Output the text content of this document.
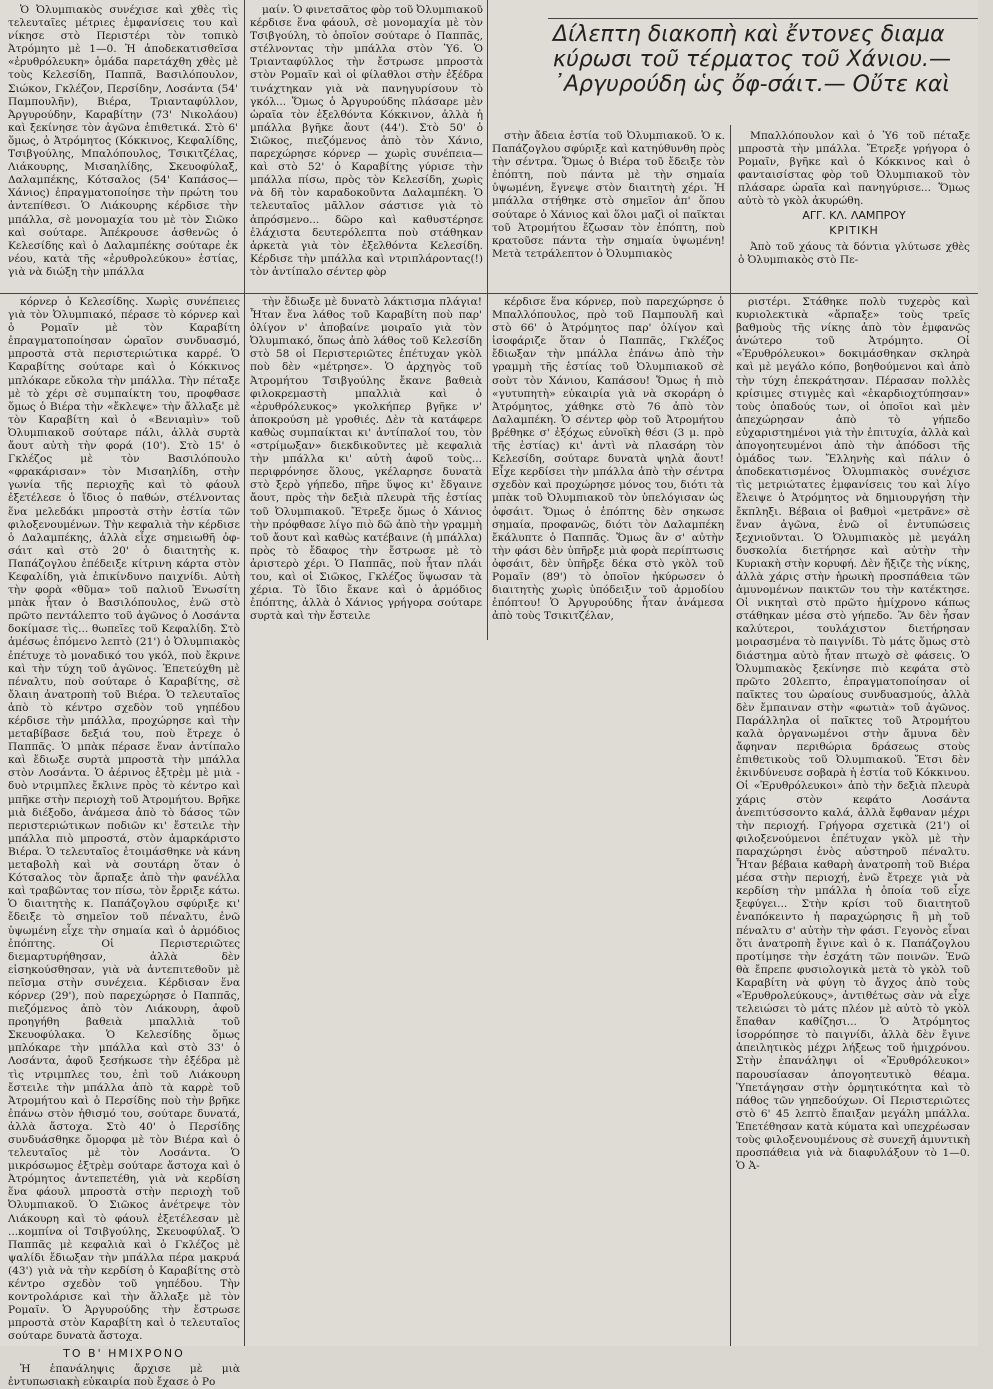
Δίλεπτη διακοπὴ καὶ ἔντονες διαμα
κύρωσι τοῦ τέρματος τοῦ Χάνιου.—
᾿Αργυρούδη ὡς ὄφ-σάιτ.— Οὔτε καὶ

Ὁ Ὀλυμπιακὸς συνέχισε καὶ χθὲς τὶς τελευταῖες μέτριες ἐμφανίσεις του καὶ νίκησε στὸ Περιστέρι τὸν τοπικὸ Ἀτρόμητο μὲ 1—0. Ἡ ἀποδεκατισθεῖσα «ἐρυθρόλευκη» ὁμάδα παρετάχθη χθὲς μὲ τοὺς Κελεσίδη, Παππᾶ, Βασιλόπουλον, Σιώκον, Γκλέζον, Περσίδην, Λοσάντα (54' Παμπουλῆν), Βιέρα, Τριανταφύλλον, Ἀργυρούδην, Καραβίτην (73' Νικολάου) καὶ ξεκίνησε τὸν ἀγῶνα ἐπιθετικά. Στὸ 6' ὅμως, ὁ Ἀτρόμητος (Κόκκινος, Κεφαλίδης, Τσιβγούλης, Μπαλόπουλος, Τσικιτζέλας, Λιάκουρης, Μισαηλίδης, Σκευοφύλαξ, Δαλαμπέκης, Κότσαλος (54' Καπάσος—Χάνιος) ἐπραγματοποίησε τὴν πρώτη του ἀντεπίθεσι. Ὁ Λιάκουρης κέρδισε τὴν μπάλλα, σὲ μονομαχία του μὲ τὸν Σιῶκο καὶ σούταρε. Ἀπέκρουσε ἀσθενῶς ὁ Κελεσίδης καὶ ὁ Δαλαμπέκης σούταρε ἐκ νέου, κατὰ τῆς «ἐρυθρολεύκου» ἑστίας, γιὰ νὰ διώξη τὴν μπάλλα

μαίν. Ὁ φινετσᾶτος φὸρ τοῦ Ὀλυμπιακοῦ κέρδισε ἕνα φάουλ, σὲ μονομαχία μὲ τὸν Τσιβγούλη, τὸ ὁποῖον σούταρε ὁ Παππᾶς, στέλνοντας τὴν μπάλλα στὸν Ὑ6. Ὁ Τριανταφύλλος τὴν ἔστρωσε μπροστὰ στὸν Ρομαῖν καὶ οἱ φίλαθλοι στὴν ἐξέδρα τινάχτηκαν γιὰ νὰ πανηγυρίσουν τὸ γκόλ... Ὅμως ὁ Ἀργυρούδης πλάσαρε μὲν ὡραῖα τὸν ἐξελθόντα Κόκκινον, ἀλλὰ ἡ μπάλλα βγῆκε ἄουτ (44'). Στὸ 50' ὁ Σιῶκος, πιεζόμενος ἀπὸ τὸν Χάνιο, παρεχώρησε κόρνερ — χωρὶς συνέπεια— καὶ στὸ 52' ὁ Καραβίτης γύρισε τὴν μπάλλα πίσω, πρὸς τὸν Κελεσίδη, χωρὶς νὰ δῆ τὸν καραδοκοῦντα Δαλαμπέκη. Ὁ τελευταῖος μᾶλλον σάστισε γιὰ τὸ ἀπρόσμενο... δῶρο καὶ καθυστέρησε ἐλάχιστα δευτερόλεπτα ποὺ στάθηκαν ἀρκετὰ γιὰ τὸν ἐξελθόντα Κελεσίδη. Κέρδισε τὴν μπάλλα καὶ ντριπλάροντας(!) τὸν ἀντίπαλο σέντερ φὸρ

στὴν ἄδεια ἑστία τοῦ Ὀλυμπιακοῦ. Ὁ κ. Παπάζογλου σφύριξε καὶ κατηύθυνθη πρὸς τὴν σέντρα. Ὅμως ὁ Βιέρα τοῦ ἔδειξε τὸν ἐπόπτη, ποὺ πάντα μὲ τὴν σημαία ὑψωμένη, ἔγνεψε στὸν διαιτητὴ χέρι. Ἡ μπάλλα στήθηκε στὸ σημεῖον ἀπ' ὅπου σούταρε ὁ Χάνιος καὶ ὅλοι μαζὶ οἱ παῖκται τοῦ Ἀτρομήτου ἔζωσαν τὸν ἐπόπτη, ποὺ κρατοῦσε πάντα τὴν σημαία ὑψωμένη! Μετὰ τετράλεπτον ὁ Ὀλυμπιακὸς

Μπαλλόπουλον καὶ ὁ Ὑ6 τοῦ πέταξε μπροστὰ τὴν μπάλλα. Ἔτρεξε γρήγορα ὁ Ρομαῖν, βγῆκε καὶ ὁ Κόκκινος καὶ ὁ φανταισίστας φὸρ τοῦ Ὀλυμπιακοῦ τὸν πλάσαρε ὡραῖα καὶ πανηγύρισε... Ὅμως αὐτὸ τὸ γκὸλ ἀκυρώθη.

ΑΓΓ. ΚΛ. ΛΑΜΠΡΟΥ
ΚΡΙΤΙΚΗ

Ἀπὸ τοῦ χάους τὰ δόντια γλύτωσε χθὲς ὁ Ὀλυμπιακὸς στὸ Πε-

κόρνερ ὁ Κελεσίδης. Χωρὶς συνέπειες γιὰ τὸν Ὀλυμπιακό, πέρασε τὸ κόρνερ καὶ ὁ Ρομαῖν μὲ τὸν Καραβίτη ἐπραγματοποίησαν ὡραῖον συνδυασμό, μπροστὰ στὰ περιστεριώτικα καρρέ. Ὁ Καραβίτης σούταρε καὶ ὁ Κόκκινος μπλόκαρε εὔκολα τὴν μπάλλα. Τὴν πέταξε μὲ τὸ χέρι σὲ συμπαίκτη του, προφθασε ὅμως ὁ Βιέρα τὴν «ἔκλεψε» τὴν ἄλλαξε μὲ τὸν Καραβίτη καὶ ὁ «Βενιαμὶν» τοῦ Ὀλυμπιακοῦ σούταρε πάλι, ἀλλὰ συρτὰ ἄουτ αὐτὴ τὴν φορά (10'). Στὸ 15' ὁ Γκλέζος μὲ τὸν Βασιλόπουλο «φρακάρισαν» τὸν Μισαηλίδη, στὴν γωνία τῆς περιοχῆς καὶ τὸ φάουλ ἐξετέλεσε ὁ ἴδιος ὁ παθών, στέλνοντας ἕνα μελεδάκι μπροστὰ στὴν ἑστία τῶν φιλοξενουμένων. Τὴν κεφαλιὰ τὴν κέρδισε ὁ Δαλαμπέκης, ἀλλὰ εἶχε σημειωθῆ ὀφ-σάιτ καὶ στὸ 20' ὁ διαιτητὴς κ. Παπάζογλου ἐπέδειξε κίτρινη κάρτα στὸν Κεφαλίδη, γιὰ ἐπικίνδυνο παιχνίδι. Αὐτὴ τὴν φορὰ «θῦμα» τοῦ παλιοῦ Ἑνωσίτη μπὰκ ἦταν ὁ Βασιλόπουλος, ἐνῶ στὸ πρῶτο πεντάλεπτο τοῦ ἀγῶνος ὁ Λοσάντα δοκίμασε τὶς... θωπεῖες τοῦ Κεφαλίδη. Στὸ ἀμέσως ἑπόμενο λεπτὸ (21') ὁ Ὀλυμπιακὸς ἐπέτυχε τὸ μοναδικό του γκόλ, ποὺ ἔκρινε καὶ τὴν τύχη τοῦ ἀγῶνος. Ἐπετεύχθη μὲ πέναλτυ, ποὺ σούταρε ὁ Καραβίτης, σὲ ὄλαιη ἀνατροπὴ τοῦ Βιέρα. Ὁ τελευταῖος ἀπὸ τὸ κέντρο σχεδὸν τοῦ γηπέδου κέρδισε τὴν μπάλλα, προχώρησε καὶ τὴν μεταβίβασε δεξιά του, ποὺ ἔτρεχε ὁ Παππᾶς. Ὁ μπὰκ πέρασε ἕναν ἀντίπαλο καὶ ἔδιωξε συρτὰ μπροστὰ τὴν μπάλλα στὸν Λοσάντα. Ὁ ἀέρινος ἐξτρὲμ μὲ μιὰ - δυὸ ντριμπλες ἔκλινε πρὸς τὸ κέντρο καὶ μπῆκε στὴν περιοχὴ τοῦ Ἀτρομήτου. Βρῆκε μιὰ διέξοδο, ἀνάμεσα ἀπὸ τὸ δάσος τῶν περιστεριώτικων ποδιῶν κι' ἔστειλε τὴν μπάλλα πιὸ μπροστά, στὸν ἀμαρκάριστο Βιέρα. Ὁ τελευταῖος ἑτοιμάσθηκε νὰ κάνη μεταβολὴ καὶ νὰ σουτάρη ὅταν ὁ Κότσαλος τὸν ἄρπαξε ἀπὸ τὴν φανέλλα καὶ τραβῶντας τον πίσω, τὸν ἔρριξε κάτω. Ὁ διαιτητὴς κ. Παπάζογλου σφύριξε κι' ἔδειξε τὸ σημεῖον τοῦ πέναλτυ, ἐνῶ ὑψωμένη εἶχε τὴν σημαία καὶ ὁ ἁρμόδιος ἐπόπτης. Οἱ Περιστεριῶτες διεμαρτυρήθησαν, ἀλλὰ δὲν εἰσηκούσθησαν, γιὰ νὰ ἀντεπιτεθοῦν μὲ πεῖσμα στὴν συνέχεια. Κέρδισαν ἕνα κόρνερ (29'), ποὺ παρεχώρησε ὁ Παππᾶς, πιεζόμενος ἀπὸ τὸν Λιάκουρη, ἀφοῦ προηγήθη βαθειὰ μπαλλιὰ τοῦ Σκευοφύλακα. Ὁ Κελεσίδης ὅμως μπλόκαρε τὴν μπάλλα καὶ στὸ 33' ὁ Λοσάντα, ἀφοῦ ξεσήκωσε τὴν ἐξέδρα μὲ τὶς ντριμπλες του, ἐπὶ τοῦ Λιάκουρη ἔστειλε τὴν μπάλλα ἀπὸ τὰ καρρὲ τοῦ Ἀτρομήτου καὶ ὁ Περσίδης ποὺ τὴν βρῆκε ἐπάνω στὸν ἠθισμό του, σούταρε δυνατά, ἀλλὰ ἄστοχα. Στὸ 40' ὁ Περσίδης συνδυάσθηκε ὄμορφα μὲ τὸν Βιέρα καὶ ὁ τελευταῖος μὲ τὸν Λοσάντα. Ὁ μικρόσωμος ἐξτρὲμ σούταρε ἄστοχα καὶ ὁ Ἀτρόμητος ἀντεπετέθη, γιὰ νὰ κερδίση ἕνα φάουλ μπροστὰ στὴν περιοχὴ τοῦ Ὀλυμπιακοῦ. Ὁ Σιῶκος ἀνέτρεψε τὸν Λιάκουρη καὶ τὸ φάουλ ἐξετέλεσαν μὲ ...κομπίνα οἱ Τσιβγούλης, Σκευοφύλαξ. Ὁ Παππᾶς μὲ κεφαλιὰ καὶ ὁ Γκλέζος μὲ ψαλίδι ἔδιωξαν τὴν μπάλλα πέρα μακρυά (43') γιὰ νὰ τὴν κερδίση ὁ Καραβίτης στὸ κέντρο σχεδὸν τοῦ γηπέδου. Τὴν κοντρολάρισε καὶ τὴν ἄλλαξε μὲ τὸν Ρομαῖν. Ὁ Ἀργυρούδης τὴν ἔστρωσε μπροστὰ στὸν Καραβίτη καὶ ὁ τελευταῖος σούταρε δυνατὰ ἄστοχα.

ΤΟ Β' ΗΜΙΧΡΟΝΟ

Ἡ ἐπανάληψις ἄρχισε μὲ μιὰ ἐντυπωσιακὴ εὐκαιρία ποὺ ἔχασε ὁ Ρο

τὴν ἔδιωξε μὲ δυνατὸ λάκτισμα πλάγια! Ἦταν ἕνα λάθος τοῦ Καραβίτη ποὺ παρ' ὀλίγον ν' ἀποβαίνε μοιραῖο γιὰ τὸν Ὀλυμπιακό, ὅπως ἀπὸ λάθος τοῦ Κελεσίδη στὸ 58 οἱ Περιστεριῶτες ἐπέτυχαν γκὸλ ποὺ δὲν «μέτρησε». Ὁ ἀρχηγὸς τοῦ Ἀτρομήτου Τσιβγούλης ἔκανε βαθειὰ φιλοκρεμαστὴ μπαλλιὰ καὶ ὁ «ἐρυθρόλευκος» γκολκήπερ βγῆκε ν' ἀποκρούση μὲ γροθιές. Δὲν τὰ κατάφερε καθὼς συμπαίκται κι' ἀντίπαλοί του, τὸν «στρίμωξαν» διεκδικοῦντες μὲ κεφαλιὰ τὴν μπάλλα κι' αὐτὴ ἀφοῦ τοὺς... περιφρόνησε ὅλους, γκέλαρησε δυνατὰ στὸ ξερὸ γήπεδο, πῆρε ὕψος κι' ἔδγαινε ἄουτ, πρὸς τὴν δεξιὰ πλευρὰ τῆς ἑστίας τοῦ Ὀλυμπιακοῦ. Ἔτρεξε ὅμως ὁ Χάνιος τὴν πρόφθασε λίγο πιὸ δῶ ἀπὸ τὴν γραμμὴ τοῦ ἄουτ καὶ καθὼς κατέβαινε (ἡ μπάλλα) πρὸς τὸ ἔδαφος τὴν ἔστρωσε μὲ τὸ ἀριστερὸ χέρι. Ὁ Παππᾶς, ποὺ ἦταν πλάι του, καὶ οἱ Σιῶκος, Γκλέζος ὕψωσαν τὰ χέρια. Τὸ ἴδιο ἔκανε καὶ ὁ ἁρμόδιος ἐπόπτης, ἀλλὰ ὁ Χάνιος γρήγορα σούταρε συρτὰ καὶ τὴν ἔστειλε

κέρδισε ἕνα κόρνερ, ποὺ παρεχώρησε ὁ Μπαλλόπουλος, πρὸ τοῦ Παμπουλῆ καὶ στὸ 66' ὁ Ἀτρόμητος παρ' ὀλίγον καὶ ἰσοφάριζε ὅταν ὁ Παππᾶς, Γκλέζος ἔδιωξαν τὴν μπάλλα ἐπάνω ἀπὸ τὴν γραμμὴ τῆς ἑστίας τοῦ Ὀλυμπιακοῦ σὲ σοὺτ τὸν Χάνιου, Καπάσου! Ὅμως ἡ πιὸ «γυτυπητὴ» εὐκαιρία γιὰ νὰ σκοράρη ὁ Ἀτρόμητος, χάθηκε στὸ 76 ἀπὸ τὸν Δαλαμπέκη. Ὁ σέντερ φὸρ τοῦ Ἀτρομήτου βρέθηκε σ' ἐξόχως εὐνοϊκὴ θέσι (3 μ. πρὸ τῆς ἑστίας) κι' ἀντὶ νὰ πλασάρη τὸν Κελεσίδη, σούταρε δυνατὰ ψηλὰ ἄουτ! Εἶχε κερδίσει τὴν μπάλλα ἀπὸ τὴν σέντρα σχεδὸν καὶ προχώρησε μόνος του, διότι τὰ μπὰκ τοῦ Ὀλυμπιακοῦ τὸν ὑπελόγισαν ὡς ὀφσάιτ. Ὅμως ὁ ἐπόπτης δὲν σηκωσε σημαία, προφανῶς, διότι τὸν Δαλαμπέκη ἔκάλυπτε ὁ Παππᾶς. Ὅμως ἂν σ' αὐτὴν τὴν φάσι δὲν ὑπῆρξε μιὰ φορὰ περίπτωσις ὀφσάιτ, δὲν ὑπῆρξε δέκα στὸ γκὸλ τοῦ Ρομαῖν (89') τὸ ὁποῖον ἠκύρωσεν ὁ διαιτητὴς χωρὶς ὑπόδειξιν τοῦ ἁρμοδίου ἐπόπτου! Ὁ Ἀργυρούδης ἦταν ἀνάμεσα ἀπὸ τοὺς Τσικιτζέλαν,

ριστέρι. Στάθηκε πολὺ τυχερὸς καὶ κυριολεκτικὰ «ἅρπαξε» τοὺς τρεῖς βαθμοὺς τῆς νίκης ἀπὸ τὸν ἐμφανῶς ἀνώτερο τοῦ Ἀτρόμητο. Οἱ «Ἐρυθρόλευκοι» δοκιμάσθηκαν σκληρὰ καὶ μὲ μεγάλο κόπο, βοηθούμενοι καὶ ἀπὸ τὴν τύχη ἐπεκράτησαν. Πέρασαν πολλὲς κρίσιμες στιγμὲς καὶ «ἐκαρδιοχτύπησαν» τοὺς ὀπαδούς των, οἱ ὁποῖοι καὶ μὲν ἀπεχώρησαν ἀπὸ τὸ γήπεδο εὐχαριστημένοι γιὰ τὴν ἐπιτυχία, ἀλλὰ καὶ ἀπογοητευμένοι ἀπὸ τὴν ἀπόδοσι τῆς ὁμάδος των. Ἔλληνὴς καὶ πάλιν ὁ ἀποδεκατισμένος Ὀλυμπιακὸς συνέχισε τὶς μετριώτατες ἐμφανίσεις του καὶ λίγο ἔλειψε ὁ Ἀτρόμητος νὰ δημιουργήση τὴν ἔκπληξι. Βέβαια οἱ βαθμοὶ «μετρᾶνε» σὲ ἕναν ἀγῶνα, ἐνῶ οἱ ἐντυπώσεις ξεχνιοῦνται. Ὁ Ὀλυμπιακὸς μὲ μεγάλη δυσκολία διετήρησε καὶ αὐτὴν τὴν Κυριακὴ στὴν κορυφή. Δὲν ἤξιζε τὴς νίκης, ἀλλὰ χάρις στὴν ἡρωικὴ προσπάθεια τῶν ἀμυνομένων παικτῶν του τὴν κατέκτησε. Οἱ νικηταὶ στὸ πρῶτο ἡμίχρονο κάπως στάθηκαν μέσα στὸ γήπεδο. Ἂν δὲν ἦσαν καλύτεροι, τουλάχιστον διετήρησαν μοιρασμένα τὸ παιγνίδι. Τὸ μάτς ὅμως στὸ διάστημα αὐτὸ ἦταν πτωχὸ σὲ φάσεις. Ὁ Ὀλυμπιακὸς ξεκίνησε πιὸ κεφάτα στὸ πρῶτο 20λεπτο, ἐπραγματοποίησαν οἱ παῖκτες του ὡραίους συνδυασμούς, ἀλλὰ δὲν ἔμπαιναν στὴν «φωτιὰ» τοῦ ἀγῶνος. Παράλληλα οἱ παῖκτες τοῦ Ἀτρομήτου καλὰ ὀργανωμένοι στὴν ἄμυνα δὲν ἄφηναν περιθώρια δράσεως στοὺς ἐπιθετικοὺς τοῦ Ὀλυμπιακοῦ. Ἔτσι δὲν ἐκινδύνευσε σοβαρὰ ἡ ἑστία τοῦ Κόκκινου. Οἱ «Ἐρυθρόλευκοι» ἀπὸ τὴν δεξιὰ πλευρὰ χάρις στὸν κεφάτο Λοσάντα ἀνεπιτύσσοντο καλά, ἀλλὰ ἔφθαναν μέχρι τὴν περιοχή. Γρήγορα σχετικὰ (21') οἱ φιλοξενούμενοι ἐπέτυχαν γκὸλ μὲ τὴν παραχώρησι ἑνὸς αὐστηροῦ πέναλτυ. Ἦταν βέβαια καθαρὴ ἀνατροπὴ τοῦ Βιέρα μέσα στὴν περιοχή, ἐνῶ ἔτρεχε γιὰ νὰ κερδίση τὴν μπάλλα ἡ ὁποία τοῦ εἶχε ξεφύγει... Στὴν κρίσι τοῦ διαιτητοῦ ἐναπόκειντο ἡ παραχώρησις ἢ μὴ τοῦ πέναλτυ σ' αὐτὴν τὴν φάσι. Γεγονὸς εἶναι ὅτι ἀνατροπὴ ἔγινε καὶ ὁ κ. Παπάζογλου προτίμησε τὴν ἐσχάτη τῶν ποινῶν. Ἐνῶ θὰ ἔπρεπε φυσιολογικὰ μετὰ τὸ γκὸλ τοῦ Καραβίτη νὰ φύγη τὸ ἄγχος ἀπὸ τοὺς «Ἐρυθρολεύκους», ἀντιθέτως σὰν νὰ εἶχε τελειώσει τὸ μάτς πλέον μὲ αὐτὸ τὸ γκὸλ ἔπαθαν καθίζησι... Ὁ Ἀτρόμητος ἰσορρόπησε τὸ παιγνίδι, ἀλλὰ δὲν ἔγινε ἀπειλητικὸς μέχρι λήξεως τοῦ ἡμιχρόνου. Στὴν ἐπανάληψι οἱ «Ἐρυθρόλευκοι» παρουσίασαν ἀπογοητευτικὸ θέαμα. Ὑπετάγησαν στὴν ὁρμητικότητα καὶ τὸ πάθος τῶν γηπεδούχων. Οἱ Περιστεριῶτες στὸ 6' 45 λεπτὸ ἔπαιξαν μεγάλη μπάλλα. Ἐπετέθησαν κατὰ κύματα καὶ υπεχρέωσαν τοὺς φιλοξενουμένους σὲ συνεχῆ ἀμυντικὴ προσπάθεια γιὰ νὰ διαφυλάξουν τὸ 1—0. Ὁ Ἀ-
